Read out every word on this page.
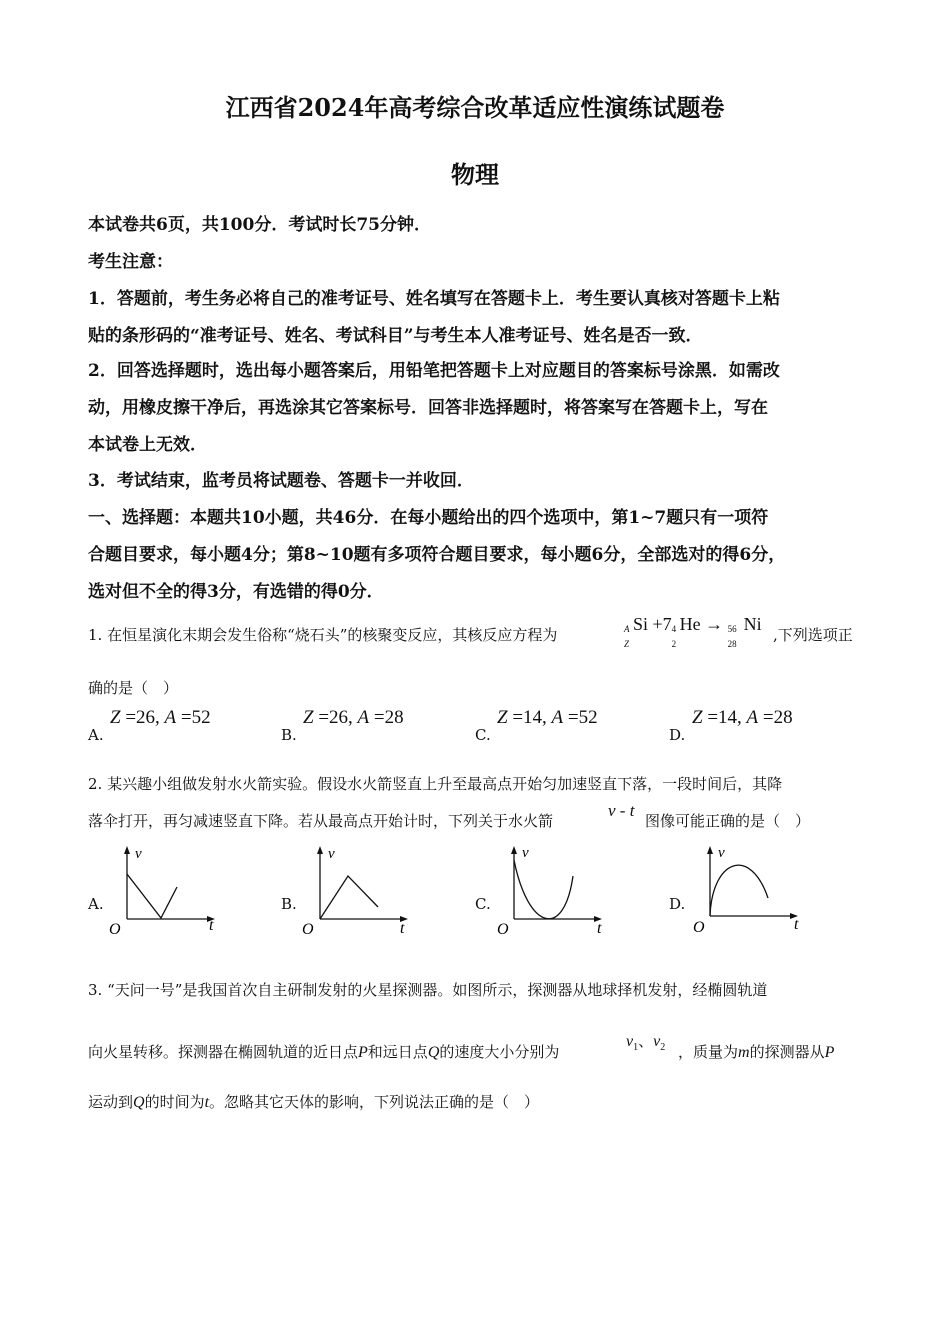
江西省2024年高考综合改革适应性演练试题卷
物理
本试卷共6页，共100分．考试时长75分钟．
考生注意：
1．答题前，考生务必将自己的准考证号、姓名填写在答题卡上．考生要认真核对答题卡上粘
贴的条形码的“准考证号、姓名、考试科目”与考生本人准考证号、姓名是否一致．
2．回答选择题时，选出每小题答案后，用铅笔把答题卡上对应题目的答案标号涂黑．如需改
动，用橡皮擦干净后，再选涂其它答案标号．回答非选择题时，将答案写在答题卡上，写在
本试卷上无效．
3．考试结束，监考员将试题卷、答题卡一并收回．
一、选择题：本题共10小题，共46分．在每小题给出的四个选项中，第1~7题只有一项符
合题目要求，每小题4分；第8~10题有多项符合题目要求，每小题6分，全部选对的得6分，
选对但不全的得3分，有选错的得0分．
1. 在恒星演化末期会发生俗称“烧石头”的核聚变反应，其核反应方程为	A
Z
Si +7 4
2
He → 56
28
Ni
,下列选项正
确的是（　）
A.
Z =26, A =52
B.
Z =26, A =28
C.
Z =14, A =52
D.
Z =14, A =28
2. 某兴趣小组做发射水火箭实验。假设水火箭竖直上升至最高点开始匀加速竖直下落，一段时间后，其降
落伞打开，再匀减速竖直下降。若从最高点开始计时，下列关于水火箭
v - t
图像可能正确的是（　）
A.
v
O	t
B.
v
O	t
C.
v
O	t
D.
v
O	t
3. “天问一号”是我国首次自主研制发射的火星探测器。如图所示，探测器从地球择机发射，经椭圆轨道
向火星转移。探测器在椭圆轨道的近日点P和远日点Q的速度大小分别为
$v_1$、$v_2$ ，质量为m的探测器从P
运动到Q的时间为t。忽略其它天体的影响，下列说法正确的是（　）
